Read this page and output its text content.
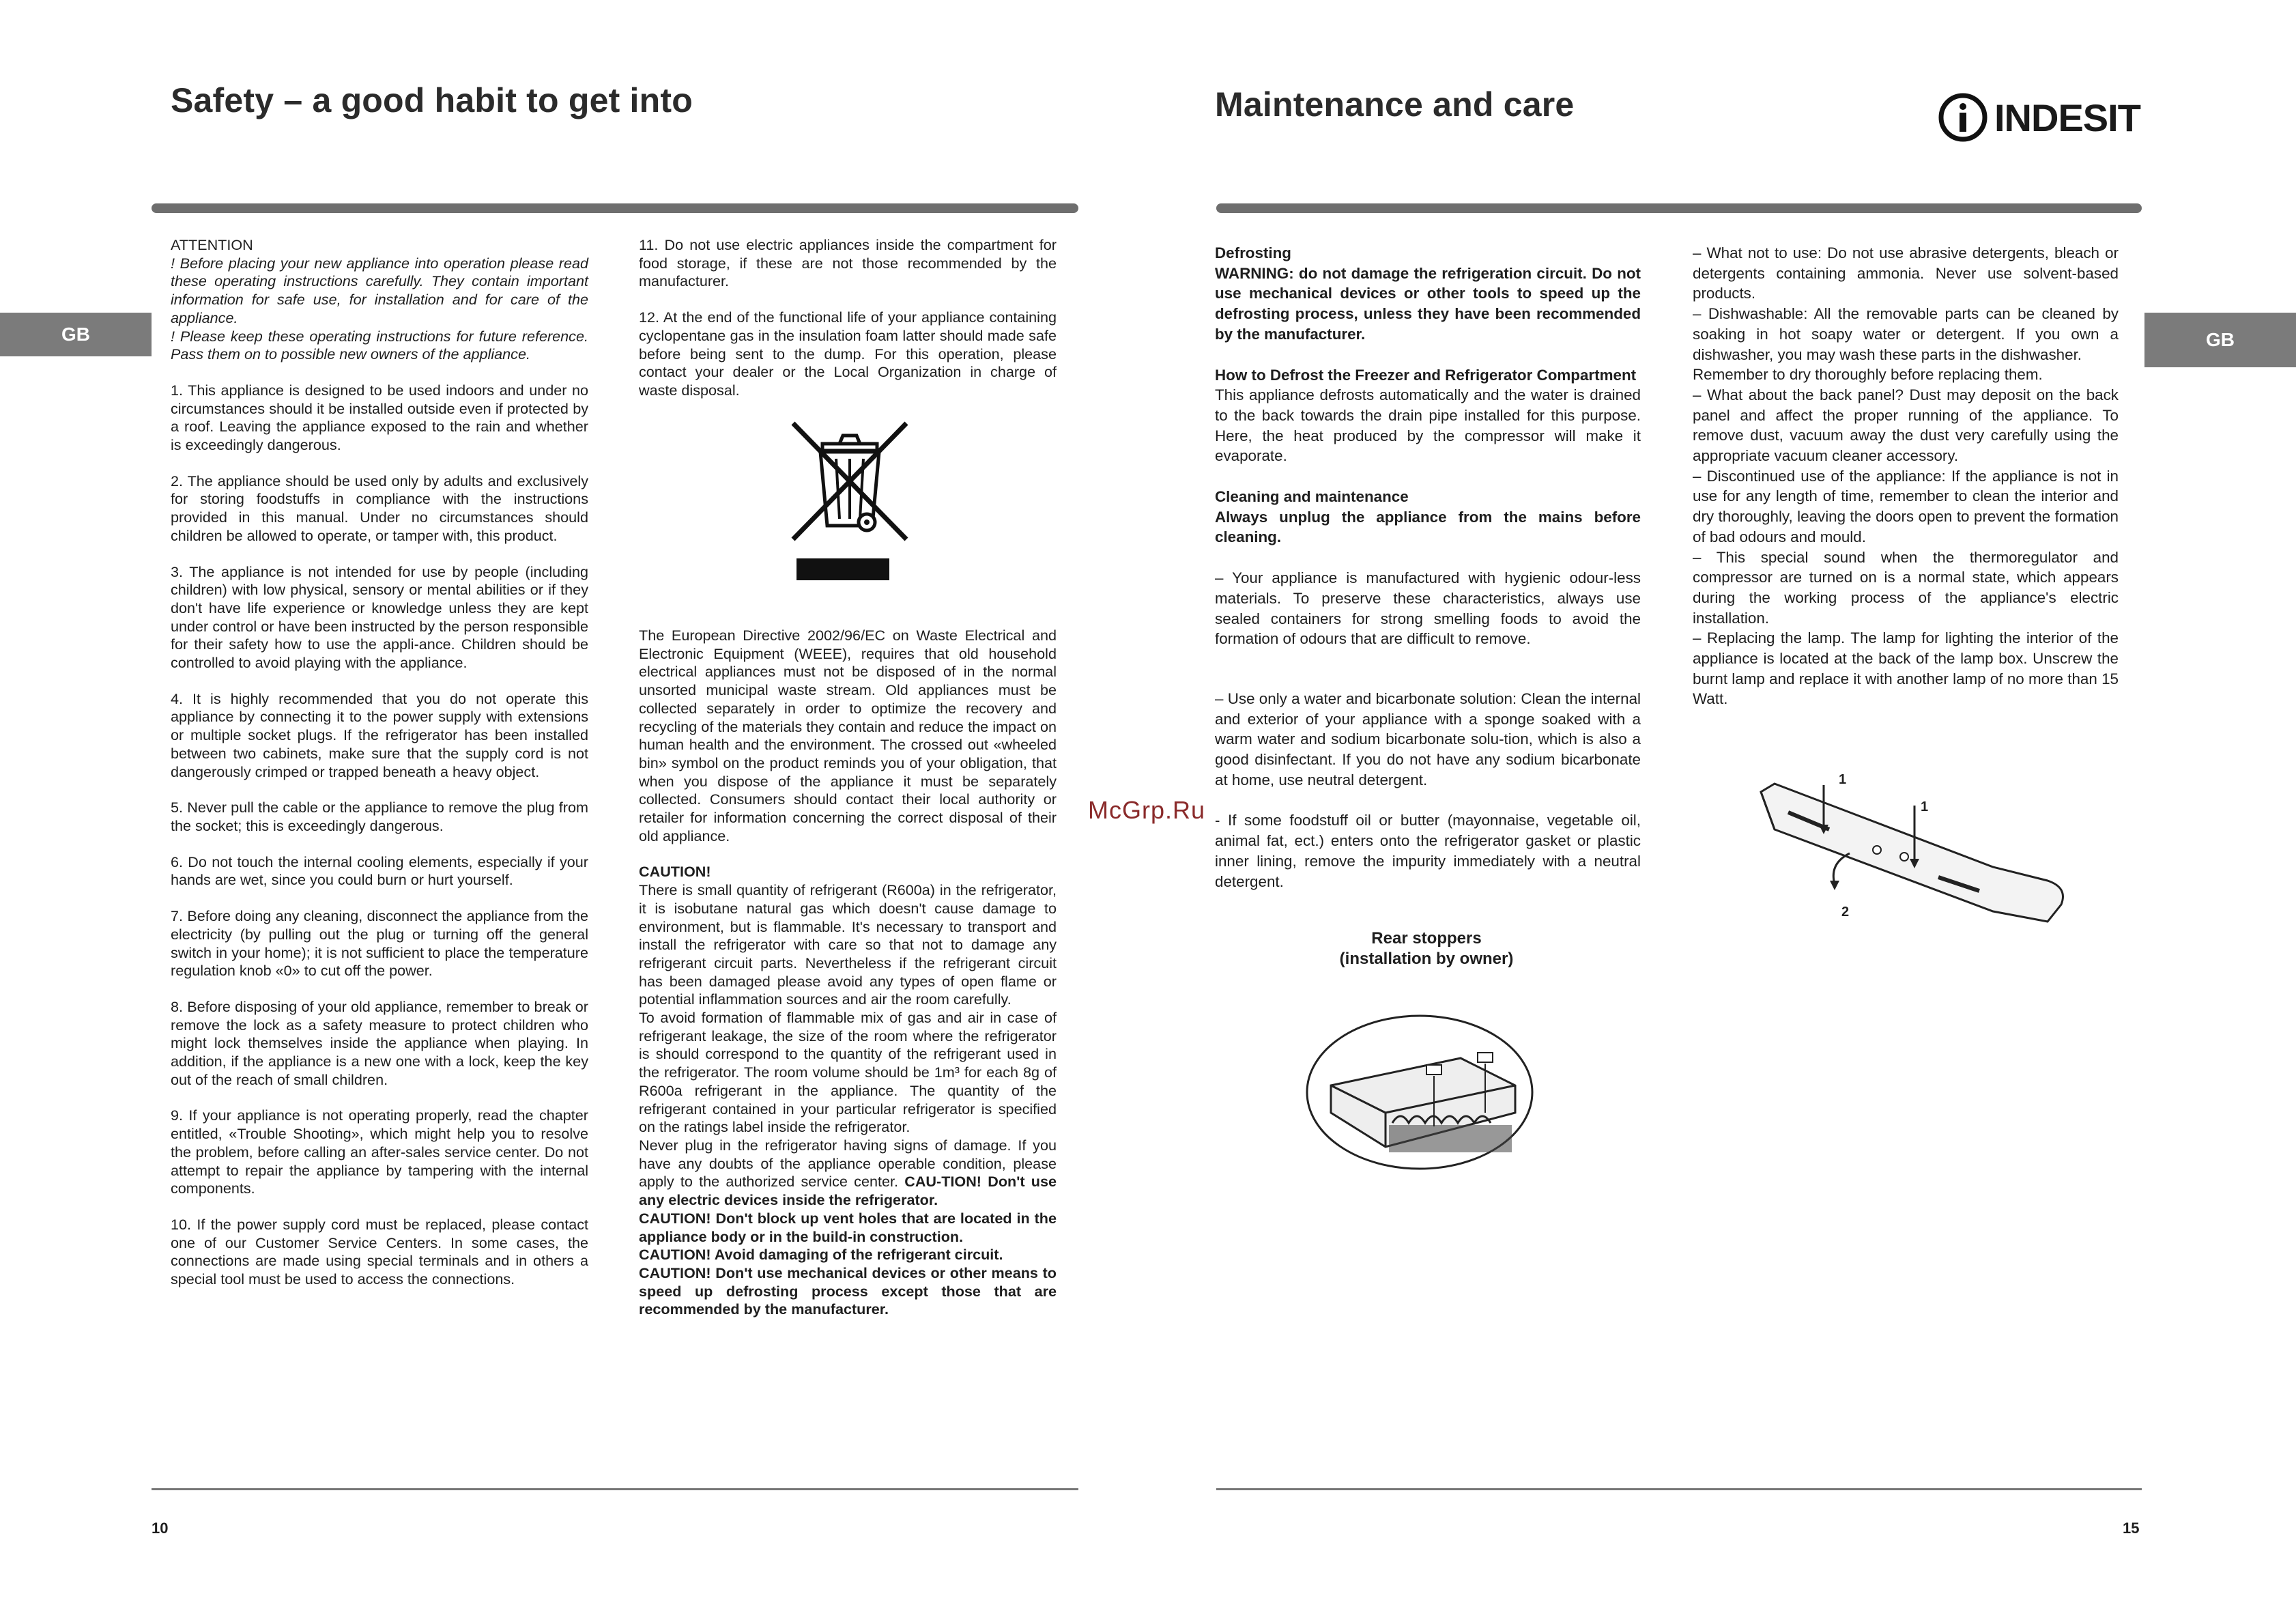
Safety – a good habit to get into
GB

ATTENTION

! Before placing your new appliance into operation please read these operating instructions carefully. They contain important information for safe use, for installation and for care of the appliance.

! Please keep these operating instructions for future reference. Pass them on to possible new owners of the appliance.

1. This appliance is designed to be used indoors and under no circumstances should it be installed outside even if protected by a roof. Leaving the appliance exposed to the rain and whether is exceedingly dangerous.

2. The appliance should be used only by adults and exclusively for storing foodstuffs in compliance with the instructions provided in this manual. Under no circumstances should children be allowed to operate, or tamper with, this product.

3. The appliance is not intended for use by people (including children) with low physical, sensory or mental abilities or if they don't have life experience or knowledge unless they are kept under control or have been instructed by the person responsible for their safety how to use the appli-ance. Children should be controlled to avoid playing with the appliance.

4. It is highly recommended that you do not operate this appliance by connecting it to the power supply with extensions or multiple socket plugs. If the refrigerator has been installed between two cabinets, make sure that the supply cord is not dangerously crimped or trapped beneath a heavy object.

5. Never pull the cable or the appliance to remove the plug from the socket; this is exceedingly dangerous.

6. Do not touch the internal cooling elements, especially if your hands are wet, since you could burn or hurt yourself.

7. Before doing any cleaning, disconnect the appliance from the electricity (by pulling out the plug or turning off the general switch in your home); it is not sufficient to place the temperature regulation knob «0» to cut off the power.

8. Before disposing of your old appliance, remember to break or remove the lock as a safety measure to protect children who might lock themselves inside the appliance when playing. In addition, if the appliance is a new one with a lock, keep the key out of the reach of small children.

9. If your appliance is not operating properly, read the chapter entitled, «Trouble Shooting», which might help you to resolve the problem, before calling an after-sales service center. Do not attempt to repair the appliance by tampering with the internal components.

10. If the power supply cord must be replaced, please contact one of our Customer Service Centers. In some cases, the connections are made using special terminals and in others a special tool must be used to access the connections.

11. Do not use electric appliances inside the compartment for food storage, if these are not those recommended by the manufacturer.

12. At the end of the functional life of your appliance containing cyclopentane gas in the insulation foam latter should made safe before being sent to the dump. For this operation, please contact your dealer or the Local Organization in charge of waste disposal.

The European Directive 2002/96/EC on Waste Electrical and Electronic Equipment (WEEE), requires that old household electrical appliances must not be disposed of in the normal unsorted municipal waste stream. Old appliances must be collected separately in order to optimize the recovery and recycling of the materials they contain and reduce the impact on human health and the environment. The crossed out «wheeled bin» symbol on the product reminds you of your obligation, that when you dispose of the appliance it must be separately collected. Consumers should contact their local authority or retailer for information concerning the correct disposal of their old appliance.

CAUTION!

There is small quantity of refrigerant (R600a) in the refrigerator, it is isobutane natural gas which doesn't cause damage to environment, but is flammable. It's necessary to transport and install the refrigerator with care so that not to damage any refrigerant circuit parts. Nevertheless if the refrigerant circuit has been damaged please avoid any types of open flame or potential inflammation sources and air the room carefully.

To avoid formation of flammable mix of gas and air in case of refrigerant leakage, the size of the room where the refrigerator is should correspond to the quantity of the refrigerant used in the refrigerator. The room volume should be 1m³ for each 8g of R600a refrigerant in the appliance. The quantity of the refrigerant contained in your particular refrigerator is specified on the ratings label inside the refrigerator.

Never plug in the refrigerator having signs of damage. If you have any doubts of the appliance operable condition, please apply to the authorized service center. CAU-TION! Don't use any electric devices inside the refrigerator.

CAUTION! Don't block up vent holes that are located in the appliance body or in the build-in construction.

CAUTION! Avoid damaging of the refrigerant circuit.

CAUTION! Don't use mechanical devices or other means to speed up defrosting process except those that are recommended by the manufacturer.

10
McGrp.Ru
Maintenance and care	INDESIT
GB

Defrosting

WARNING: do not damage the refrigeration circuit. Do not use mechanical devices or other tools to speed up the defrosting process, unless they have been recommended by the manufacturer.

How to Defrost the Freezer and Refrigerator Compartment

This appliance defrosts automatically and the water is drained to the back towards the drain pipe installed for this purpose. Here, the heat produced by the compressor will make it evaporate.

Cleaning and maintenance

Always unplug the appliance from the mains before cleaning.

– Your appliance is manufactured with hygienic odour-less materials. To preserve these characteristics, always use sealed containers for strong smelling foods to avoid the formation of odours that are difficult to remove.

– Use only a water and bicarbonate solution: Clean the internal and exterior of your appliance with a sponge soaked with a warm water and sodium bicarbonate solu-tion, which is also a good disinfectant. If you do not have any sodium bicarbonate at home, use neutral detergent.

- If some foodstuff oil or butter (mayonnaise, vegetable oil, animal fat, ect.) enters onto the refrigerator gasket or plastic inner lining, remove the impurity immediately with a neutral detergent.

Rear stoppers
(installation by owner)

– What not to use: Do not use abrasive detergents, bleach or detergents containing ammonia. Never use solvent-based products.

– Dishwashable: All the removable parts can be cleaned by soaking in hot soapy water or detergent. If you own a dishwasher, you may wash these parts in the dishwasher.

Remember to dry thoroughly before replacing them.

– What about the back panel? Dust may deposit on the back panel and affect the proper running of the appliance. To remove dust, vacuum away the dust very carefully using the appropriate vacuum cleaner accessory.

– Discontinued use of the appliance: If the appliance is not in use for any length of time, remember to clean the interior and dry thoroughly, leaving the doors open to prevent the formation of bad odours and mould.

– This special sound when the thermoregulator and compressor are turned on is a normal state, which appears during the working process of the appliance's electric installation.

– Replacing the lamp. The lamp for lighting the interior of the appliance is located at the back of the lamp box. Unscrew the burnt lamp and replace it with another lamp of no more than 15 Watt.

1
1
2
15
